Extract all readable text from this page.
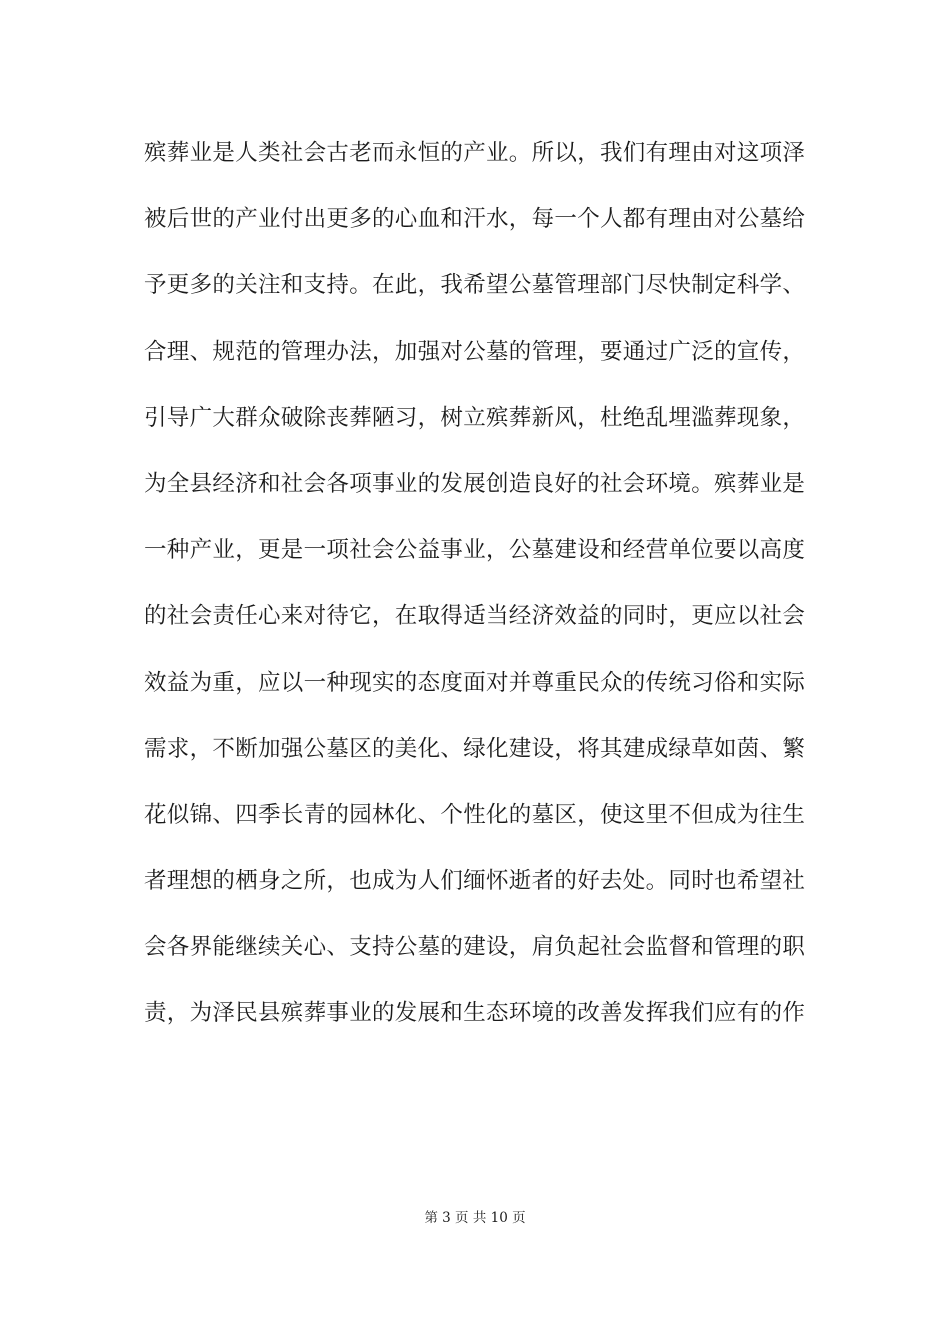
殡葬业是人类社会古老而永恒的产业。所以，我们有理由对这项泽
被后世的产业付出更多的心血和汗水，每一个人都有理由对公墓给
予更多的关注和支持。在此，我希望公墓管理部门尽快制定科学、
合理、规范的管理办法，加强对公墓的管理，要通过广泛的宣传，
引导广大群众破除丧葬陋习，树立殡葬新风，杜绝乱埋滥葬现象，
为全县经济和社会各项事业的发展创造良好的社会环境。殡葬业是
一种产业，更是一项社会公益事业，公墓建设和经营单位要以高度
的社会责任心来对待它，在取得适当经济效益的同时，更应以社会
效益为重，应以一种现实的态度面对并尊重民众的传统习俗和实际
需求，不断加强公墓区的美化、绿化建设，将其建成绿草如茵、繁
花似锦、四季长青的园林化、个性化的墓区，使这里不但成为往生
者理想的栖身之所，也成为人们缅怀逝者的好去处。同时也希望社
会各界能继续关心、支持公墓的建设，肩负起社会监督和管理的职
责，为泽民县殡葬事业的发展和生态环境的改善发挥我们应有的作
第 3 页 共 10 页
